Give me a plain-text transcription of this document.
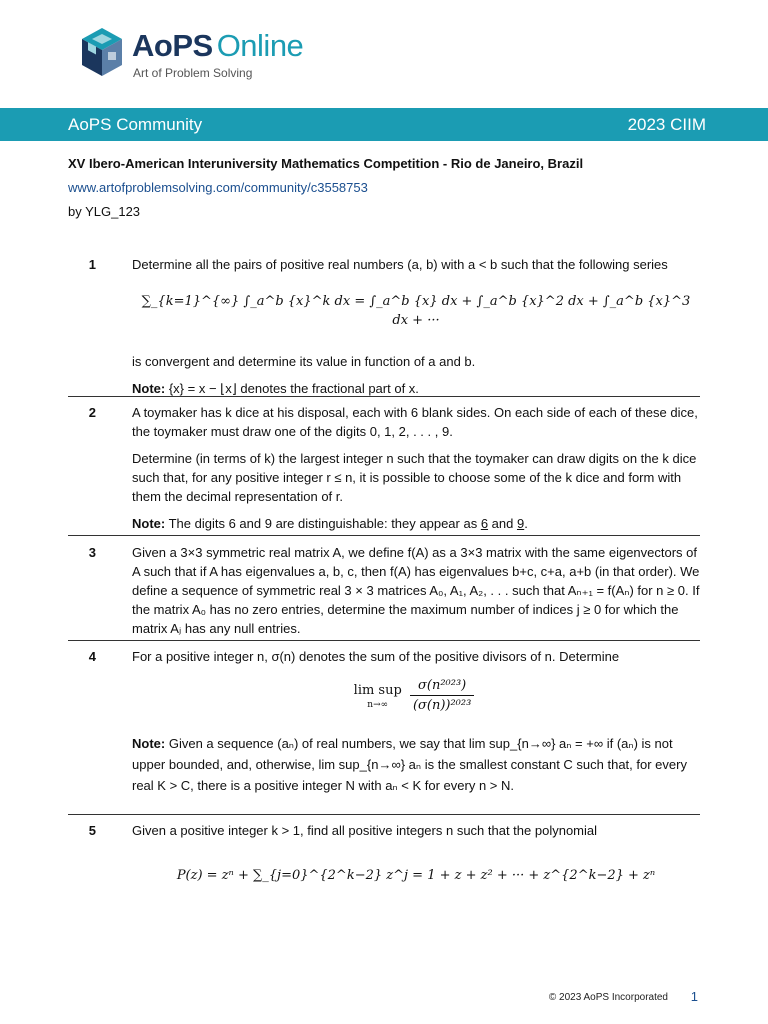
AoPS Online
Art of Problem Solving
AoPS Community	2023 CIIM
XV Ibero-American Interuniversity Mathematics Competition - Rio de Janeiro, Brazil
www.artofproblemsolving.com/community/c3558753
by YLG_123
1	Determine all the pairs of positive real numbers (a, b) with a < b such that the following series

∑_{k=1}^{∞} ∫_a^b {x}^k dx = ∫_a^b {x} dx + ∫_a^b {x}^2 dx + ∫_a^b {x}^3 dx + ···

is convergent and determine its value in function of a and b.

Note: {x} = x − ⌊x⌋ denotes the fractional part of x.

2	A toymaker has k dice at his disposal, each with 6 blank sides. On each side of each of these dice, the toymaker must draw one of the digits 0, 1, 2, . . . , 9.

Determine (in terms of k) the largest integer n such that the toymaker can draw digits on the k dice such that, for any positive integer r ≤ n, it is possible to choose some of the k dice and form with them the decimal representation of r.

Note: The digits 6 and 9 are distinguishable: they appear as 6 and 9.

3	Given a 3×3 symmetric real matrix A, we define f(A) as a 3×3 matrix with the same eigenvectors of A such that if A has eigenvalues a, b, c, then f(A) has eigenvalues b+c, c+a, a+b (in that order). We define a sequence of symmetric real 3 × 3 matrices A₀, A₁, A₂, . . . such that Aₙ₊₁ = f(Aₙ) for n ≥ 0. If the matrix A₀ has no zero entries, determine the maximum number of indices j ≥ 0 for which the matrix Aⱼ has any null entries.

4	For a positive integer n, σ(n) denotes the sum of the positive divisors of n. Determine

lim sup
n→∞
	$\frac{\text{σ(n²⁰²³)}}{\text{(σ(n))²⁰²³}}$

Note: Given a sequence (aₙ) of real numbers, we say that lim sup_{n→∞} aₙ = +∞ if (aₙ) is not upper bounded, and, otherwise, lim sup_{n→∞} aₙ is the smallest constant C such that, for every real K > C, there is a positive integer N with aₙ < K for every n > N.

5	Given a positive integer k > 1, find all positive integers n such that the polynomial

P(z) = zⁿ + ∑_{j=0}^{2^k−2} z^j = 1 + z + z² + ··· + z^{2^k−2} + zⁿ
© 2023 AoPS Incorporated 1
